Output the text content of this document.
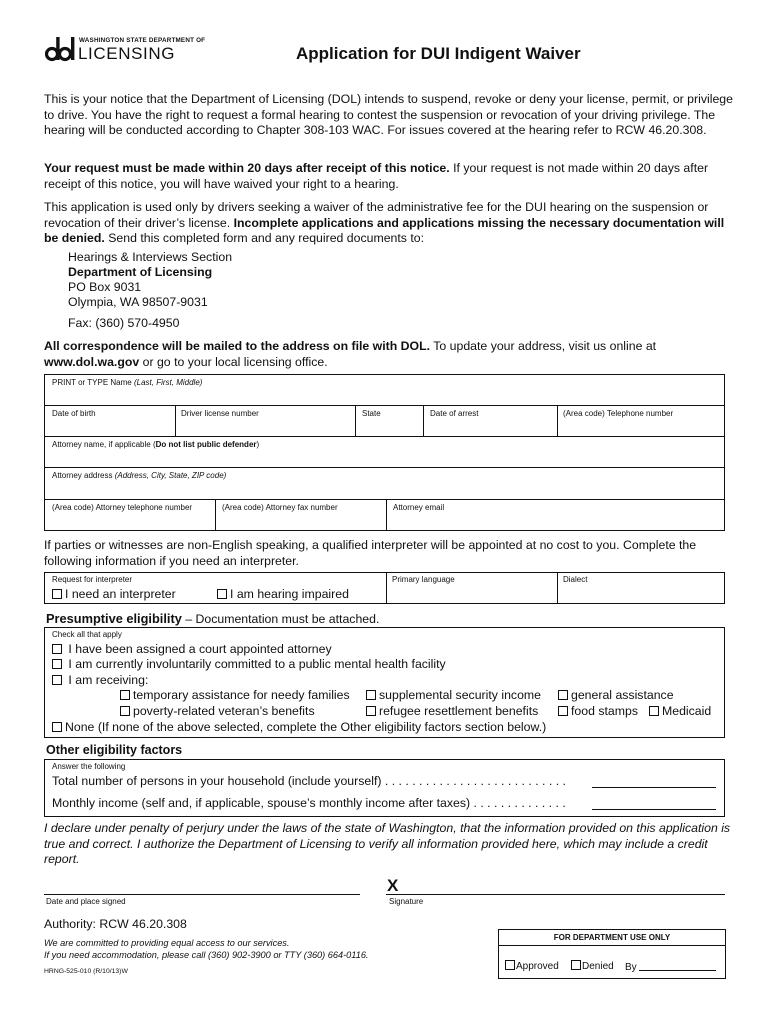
WASHINGTON STATE DEPARTMENT OF
LICENSING	Application for DUI Indigent Waiver

This is your notice that the Department of Licensing (DOL) intends to suspend, revoke or deny your license, permit, or privilege to drive. You have the right to request a formal hearing to contest the suspension or revocation of your driving privilege. The hearing will be conducted according to Chapter 308-103 WAC. For issues covered at the hearing refer to RCW 46.20.308.

Your request must be made within 20 days after receipt of this notice. If your request is not made within 20 days after receipt of this notice, you will have waived your right to a hearing.

This application is used only by drivers seeking a waiver of the administrative fee for the DUI hearing on the suspension or revocation of their driver’s license. Incomplete applications and applications missing the necessary documentation will be denied. Send this completed form and any required documents to:

Hearings & Interviews Section
Department of Licensing
PO Box 9031
Olympia, WA 98507-9031
Fax: (360) 570-4950

All correspondence will be mailed to the address on file with DOL. To update your address, visit us online at www.dol.wa.gov or go to your local licensing office.

PRINT or TYPE Name (Last, First, Middle)
Date of birth	Driver license number	State	Date of arrest	(Area code) Telephone number
Attorney name, if applicable (Do not list public defender)
Attorney address (Address, City, State, ZIP code)
(Area code) Attorney telephone number	(Area code) Attorney fax number	Attorney email

If parties or witnesses are non-English speaking, a qualified interpreter will be appointed at no cost to you. Complete the following information if you need an interpreter.

Request for interpreter
I need an interpreter	I am hearing impaired
Primary language	Dialect
Presumptive eligibility – Documentation must be attached.
Check all that apply
I have been assigned a court appointed attorney
I am currently involuntarily committed to a public mental health facility
I am receiving:
temporary assistance for needy families	supplemental security income	general assistance
poverty-related veteran’s benefits	refugee resettlement benefits	food stamps	Medicaid
None (If none of the above selected, complete the Other eligibility factors section below.)
Other eligibility factors
Answer the following
Total number of persons in your household (include yourself) . . . . . . . . . . . . . . . . . . . . . . . . . . .
Monthly income (self and, if applicable, spouse’s monthly income after taxes) . . . . . . . . . . . . . .

I declare under penalty of perjury under the laws of the state of Washington, that the information provided on this application is true and correct. I authorize the Department of Licensing to verify all information provided here, which may include a credit report.

Date and place signed
X
Signature
Authority: RCW 46.20.308
We are committed to providing equal access to our services.
If you need accommodation, please call (360) 902-3900 or TTY (360) 664-0116.
HRNG-525-010 (R/10/13)W
FOR DEPARTMENT USE ONLY
Approved	Denied By
